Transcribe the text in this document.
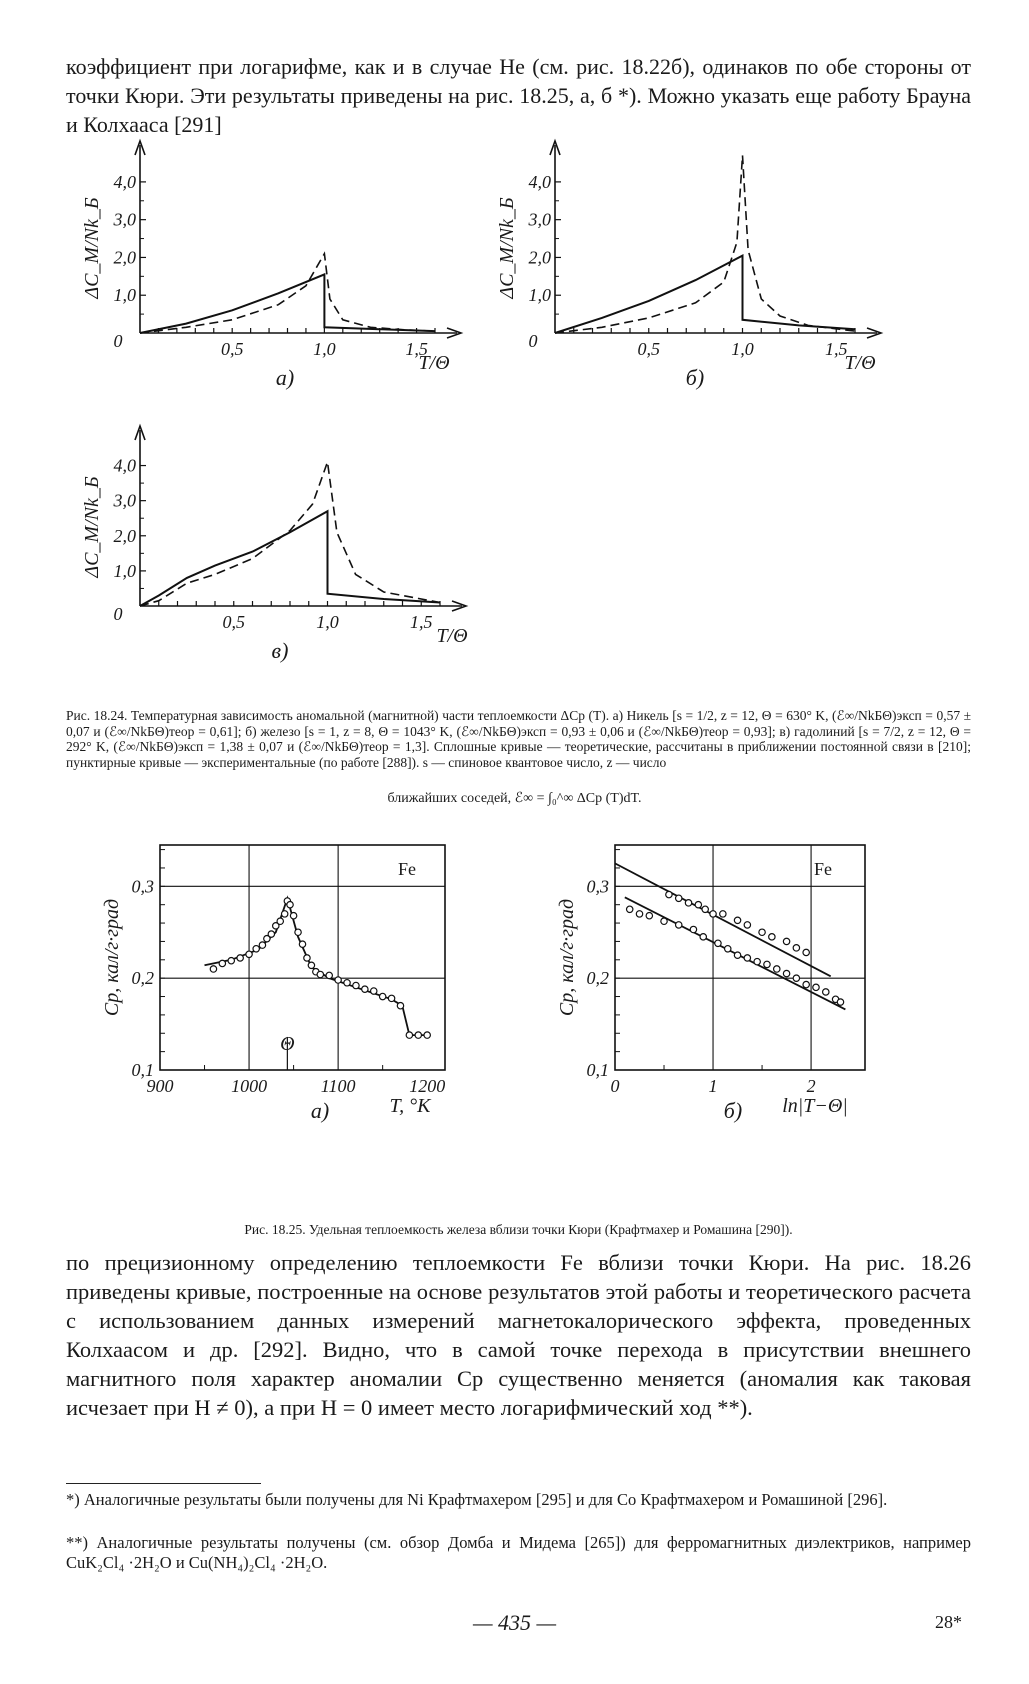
коэффициент при логарифме, как и в случае He (см. рис. 18.22б), одинаков по обе стороны от точки Кюри. Эти результаты приведены на рис. 18.25, а, б *). Можно указать еще работу Брауна и Колхааса [291]

0,5	1,0	1,5
1,0
2,0
3,0
4,0
0
ΔC_M/Nk_Б
T/Θ
а)
0,5	1,0	1,5
1,0
2,0
3,0
4,0
0
ΔC_M/Nk_Б
T/Θ
б)
0,5	1,0	1,5
1,0
2,0
3,0
4,0
0
ΔC_M/Nk_Б
T/Θ
в)

Рис. 18.24. Температурная зависимость аномальной (магнитной) части теплоемкости ΔCp (T). а) Никель [s = 1/2, z = 12, Θ = 630° K, (ℰ∞/NkБΘ)эксп = 0,57 ± 0,07 и (ℰ∞/NkБΘ)теор = 0,61]; б) железо [s = 1, z = 8, Θ = 1043° K, (ℰ∞/NkБΘ)эксп = 0,93 ± 0,06 и (ℰ∞/NkБΘ)теор = 0,93]; в) гадолиний [s = 7/2, z = 12, Θ = 292° K, (ℰ∞/NkБΘ)эксп = 1,38 ± 0,07 и (ℰ∞/NkБΘ)теор = 1,3]. Сплошные кривые — теоретические, рассчитаны в приближении постоянной связи в [210]; пунктирные кривые — экспериментальные (по работе [288]). s — спиновое квантовое число, z — число

ближайших соседей, ℰ∞ = ∫₀^∞ ΔCp (T)dT.
900	1000	1100	1200
0,1
0,2
0,3
Cp, кал/г·град
T, °K
а)
Fe
Θ
0	1	2
0,1
0,2
0,3
Cp, кал/г·град
ln|T−Θ|
б)
Fe

Рис. 18.25. Удельная теплоемкость железа вблизи точки Кюри (Крафтмахер и Ромашина [290]).

по прецизионному определению теплоемкости Fe вблизи точки Кюри. На рис. 18.26 приведены кривые, построенные на основе результатов этой работы и теоретического расчета с использованием данных измерений магнетокалорического эффекта, проведенных Колхаасом и др. [292]. Видно, что в самой точке перехода в присутствии внешнего магнитного поля характер аномалии Cp существенно меняется (аномалия как таковая исчезает при H ≠ 0), а при H = 0 имеет место логарифмический ход **).

*) Аналогичные результаты были получены для Ni Крафтмахером [295] и для Co Крафтмахером и Ромашиной [296].

**) Аналогичные результаты получены (см. обзор Домба и Мидема [265]) для ферромагнитных диэлектриков, например CuK₂Cl₄ ·2H₂O и Cu(NH₄)₂Cl₄ ·2H₂O.

— 435 —	28*
